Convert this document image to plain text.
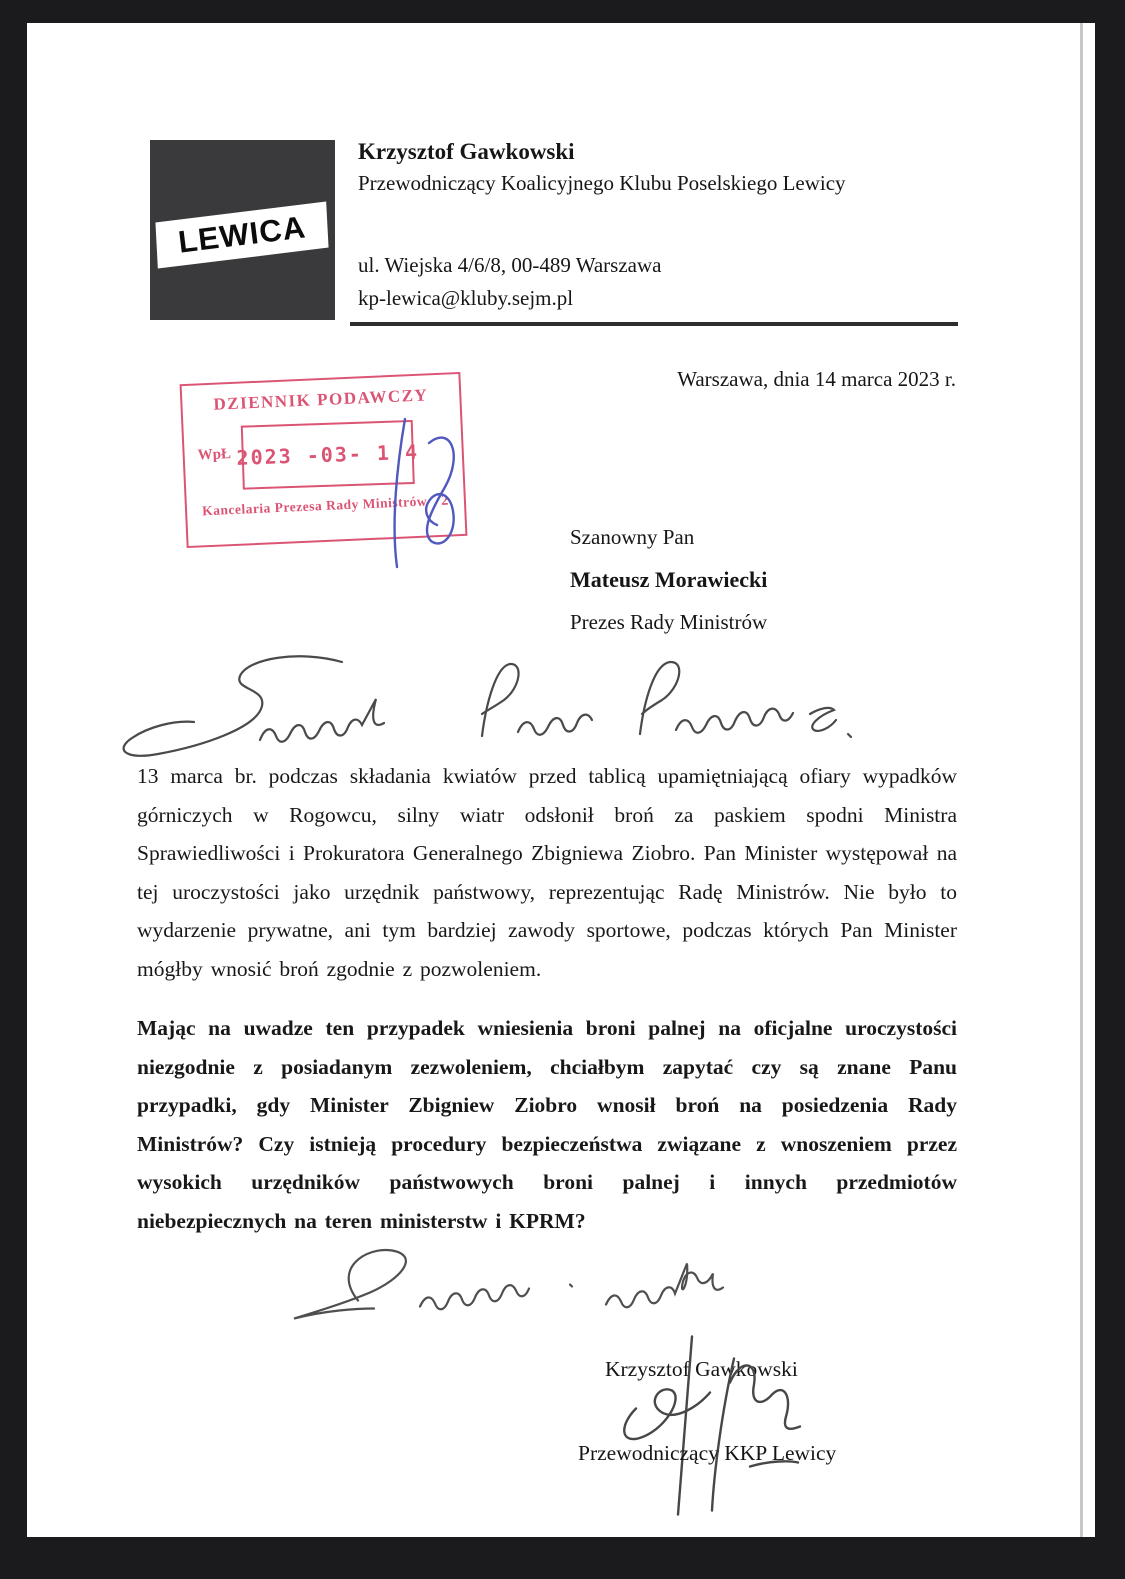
LEWICA
Krzysztof Gawkowski
Przewodniczący Koalicyjnego Klubu Poselskiego Lewicy
ul. Wiejska 4/6/8, 00-489 Warszawa
kp-lewica@kluby.sejm.pl
Warszawa, dnia 14 marca 2023 r.
DZIENNIK PODAWCZY
WpŁ 2023 -03- 1 4
Kancelaria Prezesa Rady Ministrów 2
Szanowny Pan
Mateusz Morawiecki
Prezes Rady Ministrów

13 marca br. podczas składania kwiatów przed tablicą upamiętniającą ofiary wypadków górniczych w Rogowcu, silny wiatr odsłonił broń za paskiem spodni Ministra Sprawiedliwości i Prokuratora Generalnego Zbigniewa Ziobro. Pan Minister występował na tej uroczystości jako urzędnik państwowy, reprezentując Radę Ministrów. Nie było to wydarzenie prywatne, ani tym bardziej zawody sportowe, podczas których Pan Minister mógłby wnosić broń zgodnie z pozwoleniem.

Mając na uwadze ten przypadek wniesienia broni palnej na oficjalne uroczystości niezgodnie z posiadanym zezwoleniem, chciałbym zapytać czy są znane Panu przypadki, gdy Minister Zbigniew Ziobro wnosił broń na posiedzenia Rady Ministrów? Czy istnieją procedury bezpieczeństwa związane z wnoszeniem przez wysokich urzędników państwowych broni palnej i innych przedmiotów niebezpiecznych na teren ministerstw i KPRM?

Krzysztof Gawkowski
Przewodniczący KKP Lewicy
